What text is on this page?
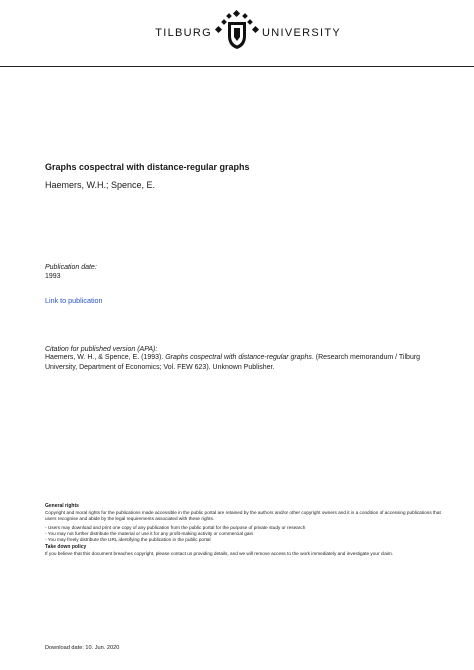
TILBURG	UNIVERSITY
Graphs cospectral with distance-regular graphs
Haemers, W.H.; Spence, E.
Publication date:
1993
Link to publication
Citation for published version (APA):
Haemers, W. H., & Spence, E. (1993). Graphs cospectral with distance-regular graphs. (Research memorandum / Tilburg University, Department of Economics; Vol. FEW 623). Unknown Publisher.

General rights

Copyright and moral rights for the publications made accessible in the public portal are retained by the authors and/or other copyright owners and it is a condition of accessing publications that users recognise and abide by the legal requirements associated with these rights.

- Users may download and print one copy of any publication from the public portal for the purpose of private study or research

- You may not further distribute the material or use it for any profit-making activity or commercial gain

- You may freely distribute the URL identifying the publication in the public portal

Take down policy

If you believe that this document breaches copyright, please contact us providing details, and we will remove access to the work immediately and investigate your claim.

Download date: 10. Jun. 2020
